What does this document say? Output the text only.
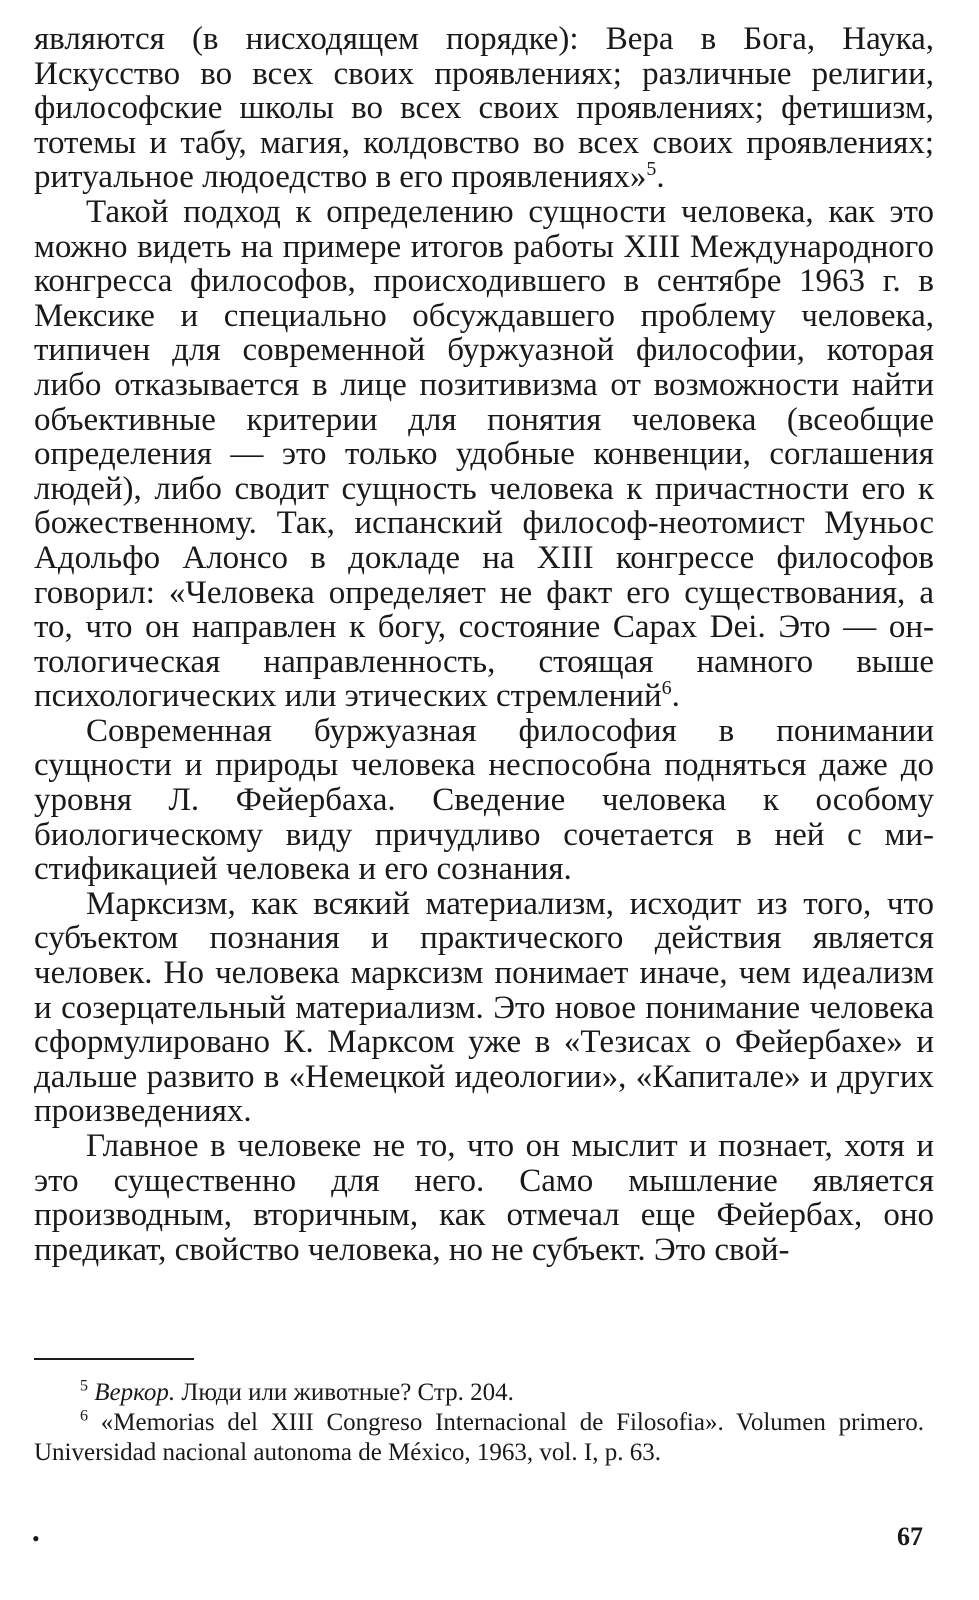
являются (в нисходящем порядке): Вера в Бога, Наука, Искусство во всех своих проявлениях; различные религии, философские школы во всех своих проявлениях; фетишизм, тотемы и табу, магия, колдовство во всех своих проявлениях; ритуальное людоедство в его проявлениях»$^5$.

Такой подход к определению сущности человека, как это можно видеть на примере итогов работы XIII Международного конгресса философов, происходившего в сентябре 1963 г. в Мексике и специально обсуждавшего проблему человека, типичен для современной буржуазной философии, которая либо отказывается в лице позитивизма от возможности найти объективные критерии для понятия человека (всеобщие определения — это только удобные конвенции, соглашения людей), либо сводит сущность человека к причастности его к божественному. Так, испанский философ-неотомист Муньос Адольфо Алонсо в докладе на XIII конгрессе философов говорил: «Человека определяет не факт его существования, а то, что он направлен к богу, состояние Capax Dei. Это — онтологическая направленность, стоящая намного выше психологических или этических стремлений$^6$.

Современная буржуазная философия в понимании сущности и природы человека неспособна подняться даже до уровня Л. Фейербаха. Сведение человека к особому биологическому виду причудливо сочетается в ней с мистификацией человека и его сознания.

Марксизм, как всякий материализм, исходит из того, что субъектом познания и практического действия является человек. Но человека марксизм понимает иначе, чем идеализм и созерцательный материализм. Это новое понимание человека сформулировано К. Марксом уже в «Тезисах о Фейербахе» и дальше развито в «Немецкой идеологии», «Капитале» и других произведениях.

Главное в человеке не то, что он мыслит и познает, хотя и это существенно для него. Само мышление является производным, вторичным, как отмечал еще Фейербах, оно предикат, свойство человека, но не субъект. Это свой-

$^5$ Веркор. Люди или животные? Стр. 204.

$^6$ «Memorias del XIII Congreso Internacional de Filosofia». Volumen primero. Universidad nacional autonoma de México, 1963, vol. I, p. 63.

•	67
